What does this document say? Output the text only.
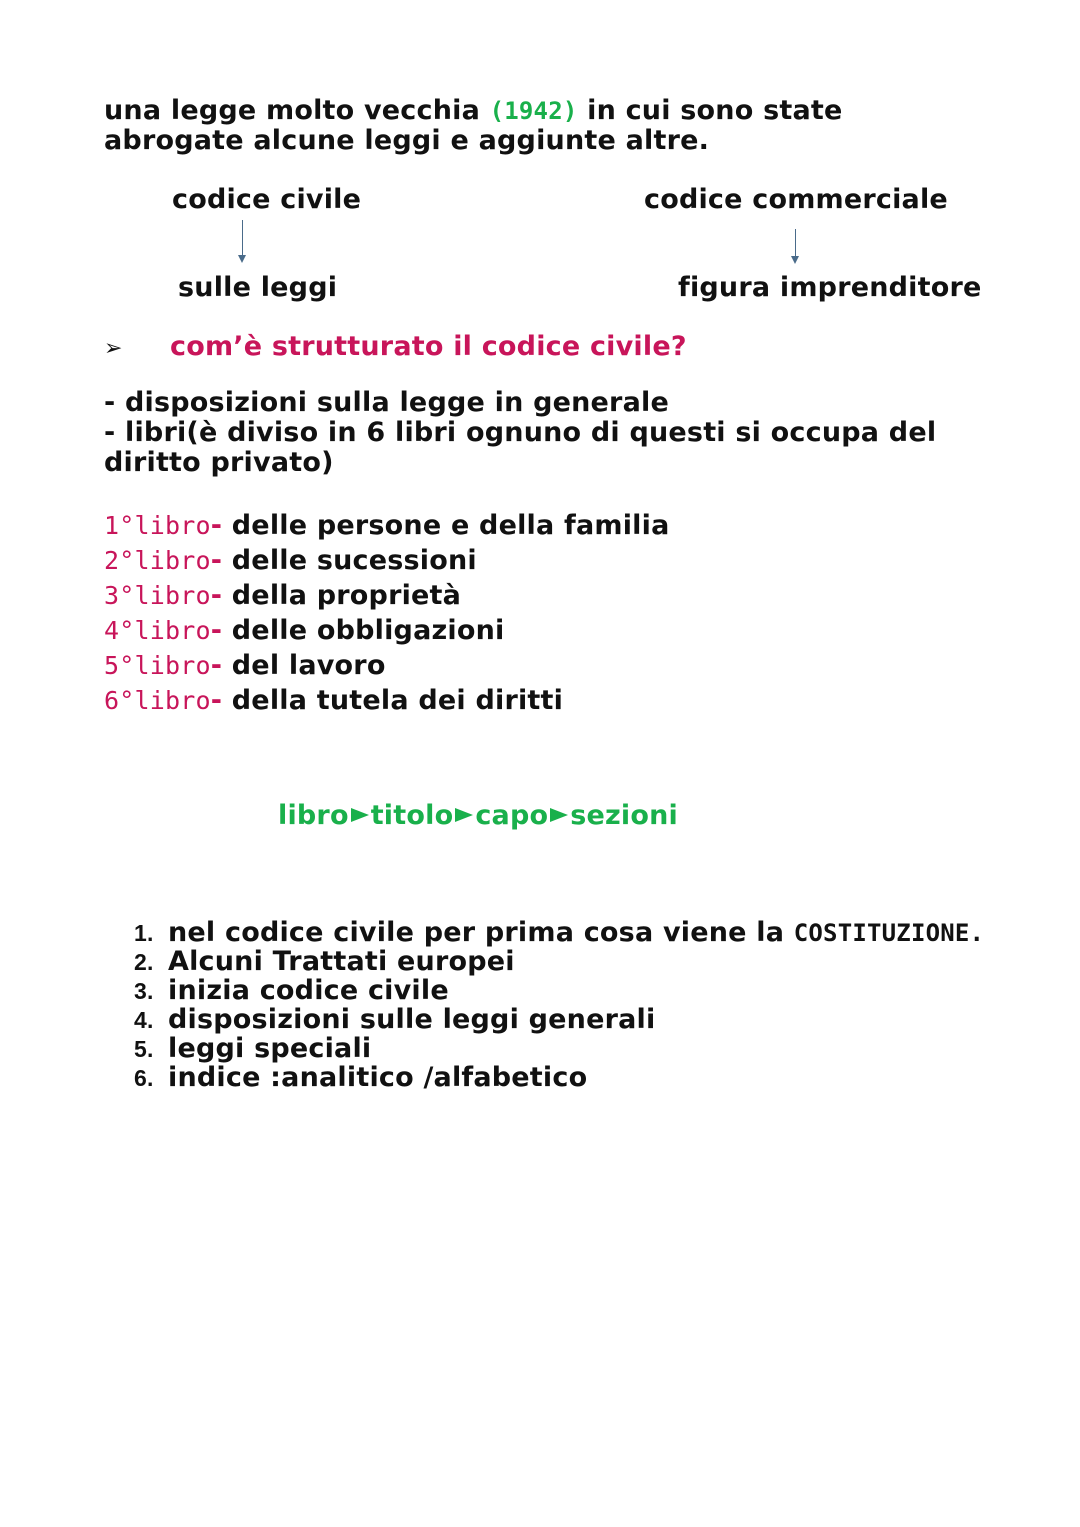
una legge molto vecchia (1942) in cui sono state abrogate alcune leggi e aggiunte altre.
codice civile
sulle leggi
codice commerciale
figura imprenditore
➢ com’è strutturato il codice civile?
- disposizioni sulla legge in generale
- libri(è diviso in 6 libri ognuno di questi si occupa del diritto privato)
1°libro- delle persone e della familia
2°libro- delle sucessioni
3°libro- della proprietà
4°libro- delle obbligazioni
5°libro- del lavoro
6°libro- della tutela dei diritti
libro titolo capo sezioni
1. nel codice civile per prima cosa viene la COSTITUZIONE.
2. Alcuni Trattati europei
3. inizia codice civile
4. disposizioni sulle leggi generali
5. leggi speciali
6. indice :analitico /alfabetico
